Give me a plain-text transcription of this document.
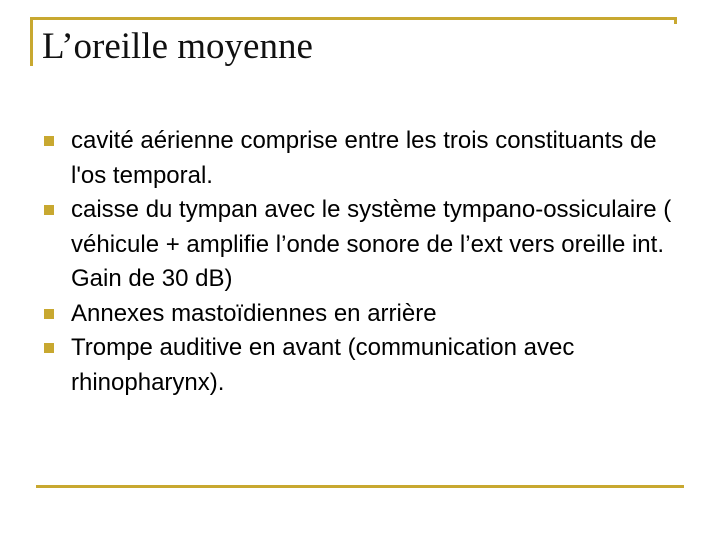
L’oreille moyenne
cavité aérienne comprise entre les trois constituants de l'os temporal.
caisse du tympan avec le système tympano-ossiculaire ( véhicule + amplifie l’onde sonore de l’ext vers oreille int. Gain de 30 dB)
Annexes mastoïdiennes en arrière
Trompe auditive en avant (communication avec rhinopharynx).
